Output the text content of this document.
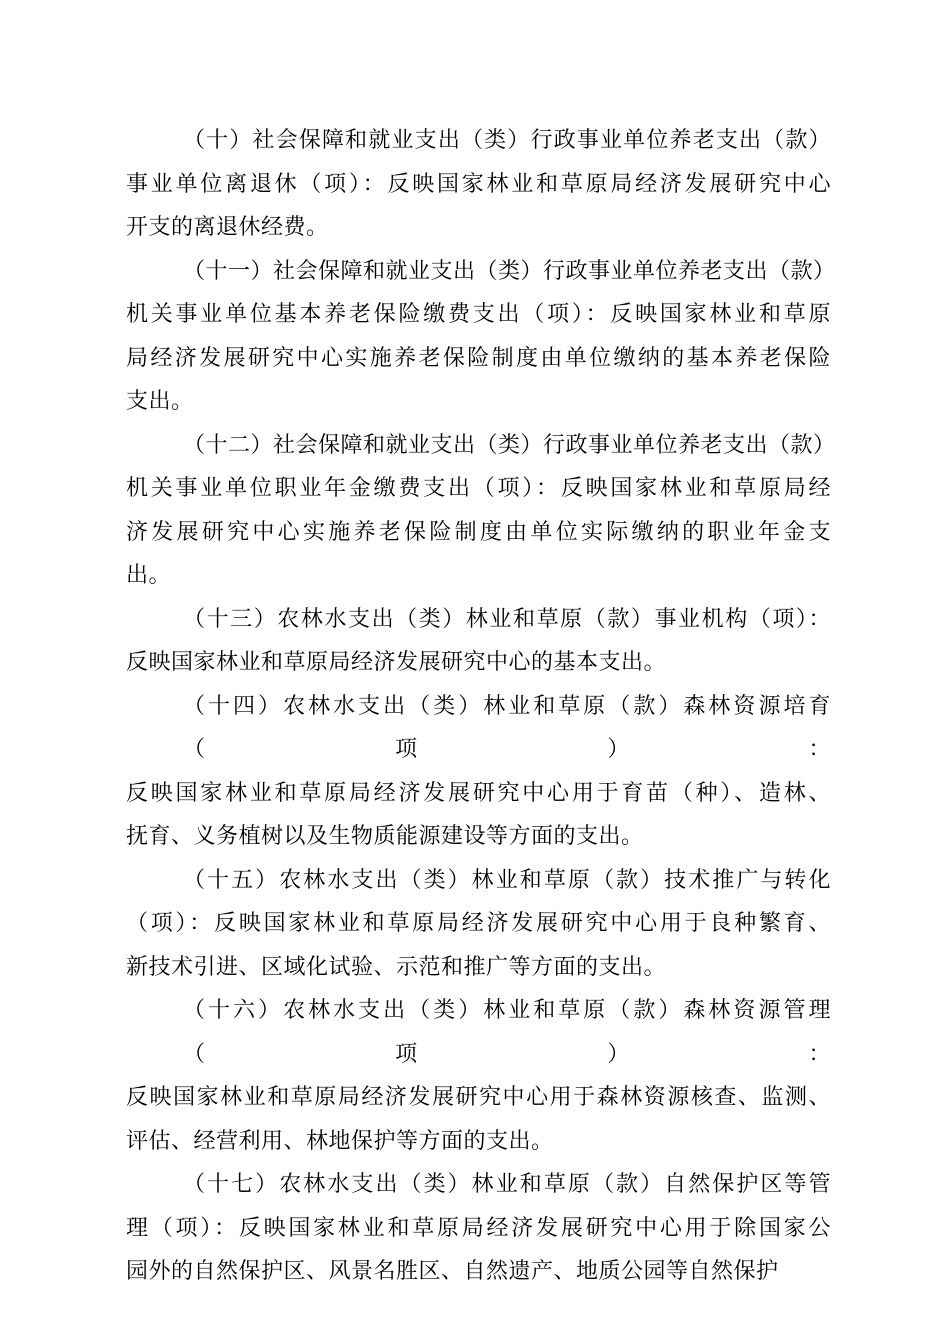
（十）社会保障和就业支出（类）行政事业单位养老支出（款）
事业单位离退休（项）：反映国家林业和草原局经济发展研究中心
开支的离退休经费。
（十一）社会保障和就业支出（类）行政事业单位养老支出（款）
机关事业单位基本养老保险缴费支出（项）：反映国家林业和草原
局经济发展研究中心实施养老保险制度由单位缴纳的基本养老保险
支出。
（十二）社会保障和就业支出（类）行政事业单位养老支出（款）
机关事业单位职业年金缴费支出（项）：反映国家林业和草原局经
济发展研究中心实施养老保险制度由单位实际缴纳的职业年金支
出。
（十三）农林水支出（类）林业和草原（款）事业机构（项）：
反映国家林业和草原局经济发展研究中心的基本支出。
（十四）农林水支出（类）林业和草原（款）森林资源培育（项）：
反映国家林业和草原局经济发展研究中心用于育苗（种）、造林、
抚育、义务植树以及生物质能源建设等方面的支出。
（十五）农林水支出（类）林业和草原（款）技术推广与转化
（项）：反映国家林业和草原局经济发展研究中心用于良种繁育、
新技术引进、区域化试验、示范和推广等方面的支出。
（十六）农林水支出（类）林业和草原（款）森林资源管理（项）：
反映国家林业和草原局经济发展研究中心用于森林资源核查、监测、
评估、经营利用、林地保护等方面的支出。
（十七）农林水支出（类）林业和草原（款）自然保护区等管
理（项）：反映国家林业和草原局经济发展研究中心用于除国家公
园外的自然保护区、风景名胜区、自然遗产、地质公园等自然保护
